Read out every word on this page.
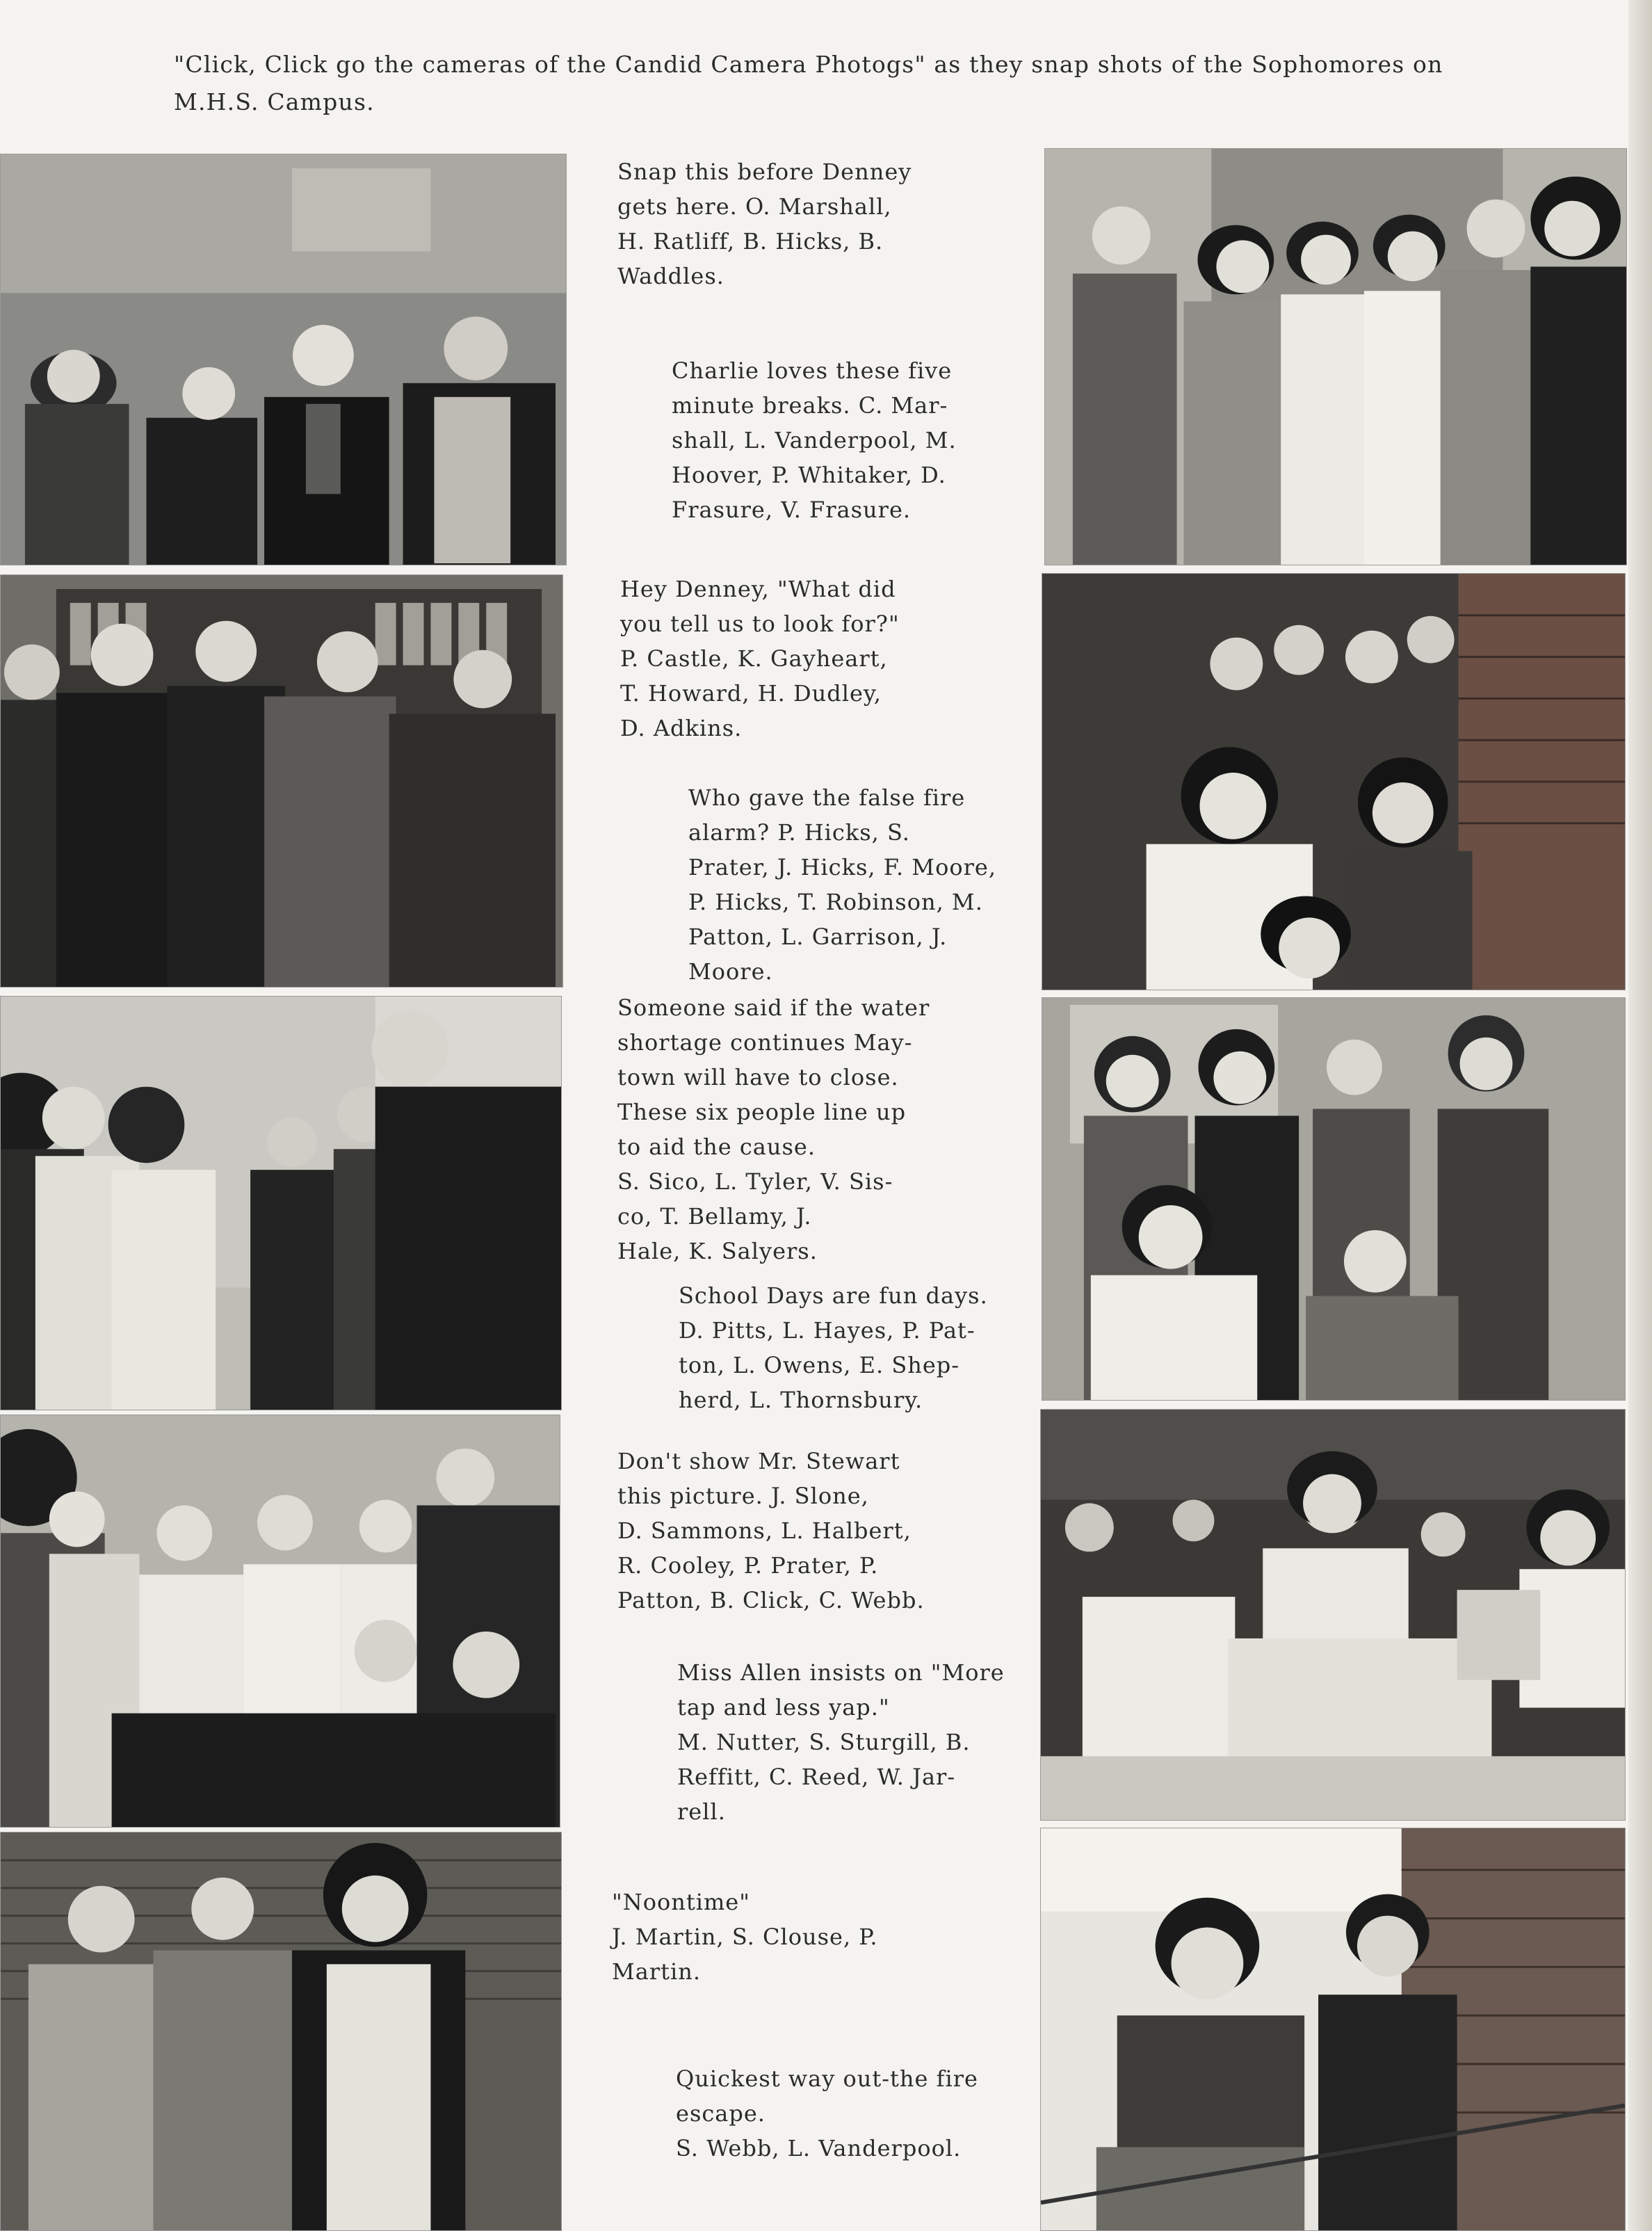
"Click, Click go the cameras of the Candid Camera Photogs" as they snap shots of the Sophomores on
M.H.S. Campus.
Snap this before Denney
gets here. O. Marshall,
H. Ratliff, B. Hicks, B.
Waddles.
Charlie loves these five
minute breaks. C. Mar-
shall, L. Vanderpool, M.
Hoover, P. Whitaker, D.
Frasure, V. Frasure.
Hey Denney, "What did
you tell us to look for?"
P. Castle, K. Gayheart,
T. Howard, H. Dudley,
D. Adkins.
Who gave the false fire
alarm? P. Hicks, S.
Prater, J. Hicks, F. Moore,
P. Hicks, T. Robinson, M.
Patton, L. Garrison, J.
Moore.
Someone said if the water
shortage continues May-
town will have to close.
These six people line up
to aid the cause.
S. Sico, L. Tyler, V. Sis-
co, T. Bellamy, J.
Hale, K. Salyers.
School Days are fun days.
D. Pitts, L. Hayes, P. Pat-
ton, L. Owens, E. Shep-
herd, L. Thornsbury.
Don't show Mr. Stewart
this picture. J. Slone,
D. Sammons, L. Halbert,
R. Cooley, P. Prater, P.
Patton, B. Click, C. Webb.
Miss Allen insists on "More
tap and less yap."
M. Nutter, S. Sturgill, B.
Reffitt, C. Reed, W. Jar-
rell.
"Noontime"
J. Martin, S. Clouse, P.
Martin.
Quickest way out-the fire
escape.
S. Webb, L. Vanderpool.
